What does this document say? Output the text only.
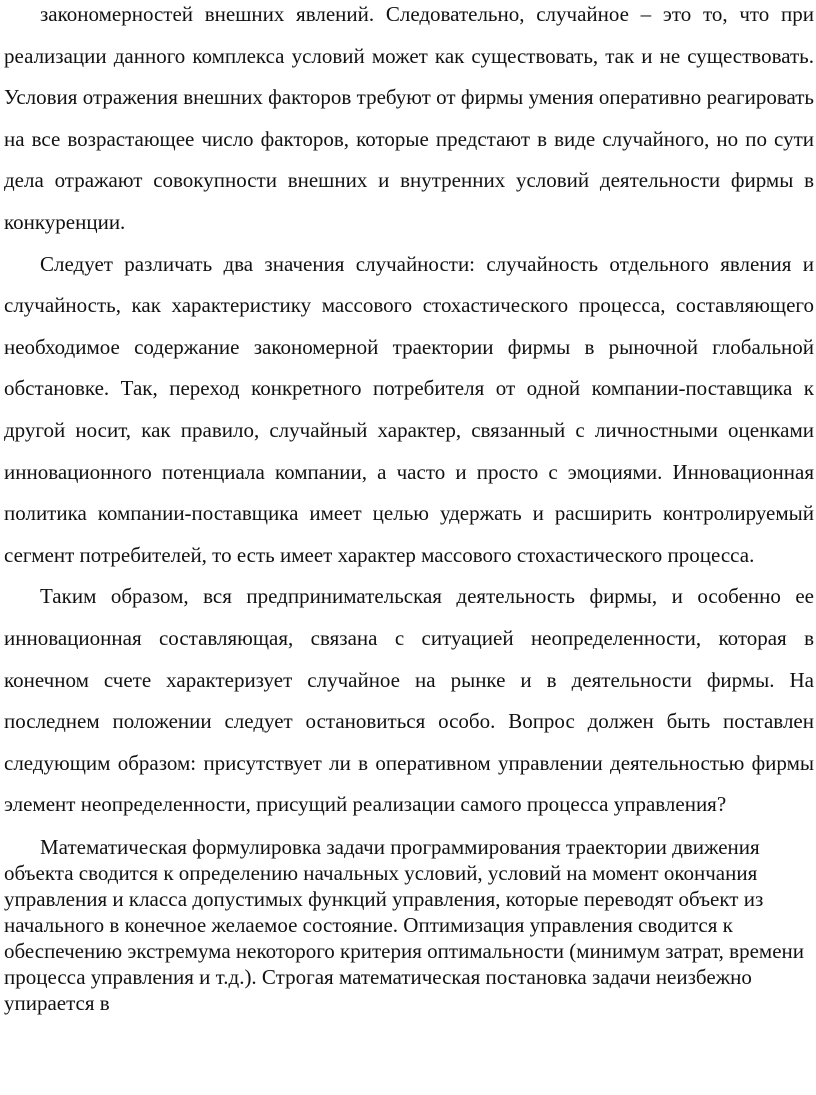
закономерностей внешних явлений. Следовательно, случайное – это то, что при реализации данного комплекса условий может как существовать, так и не существовать. Условия отражения внешних факторов требуют от фирмы умения оперативно реагировать на все возрастающее число факторов, которые предстают в виде случайного, но по сути дела отражают совокупности внешних и внутренних условий деятельности фирмы в конкуренции.

Следует различать два значения случайности: случайность отдельного явления и случайность, как характеристику массового стохастического процесса, составляющего необходимое содержание закономерной траектории фирмы в рыночной глобальной обстановке. Так, переход конкретного потребителя от одной компании-поставщика к другой носит, как правило, случайный характер, связанный с личностными оценками инновационного потенциала компании, а часто и просто с эмоциями. Инновационная политика компании-поставщика имеет целью удержать и расширить контролируемый сегмент потребителей, то есть имеет характер массового стохастического процесса.

Таким образом, вся предпринимательская деятельность фирмы, и особенно ее инновационная составляющая, связана с ситуацией неопределенности, которая в конечном счете характеризует случайное на рынке и в деятельности фирмы. На последнем положении следует остановиться особо. Вопрос должен быть поставлен следующим образом: присутствует ли в оперативном управлении деятельностью фирмы элемент неопределенности, присущий реализации самого процесса управления?

Математическая формулировка задачи программирования траектории движения объекта сводится к определению начальных условий, условий на момент окончания управления и класса допустимых функций управления, которые переводят объект из начального в конечное желаемое состояние. Оптимизация управления сводится к обеспечению экстремума некоторого критерия оптимальности (минимум затрат, времени процесса управления и т.д.). Строгая математическая постановка задачи неизбежно упирается в
